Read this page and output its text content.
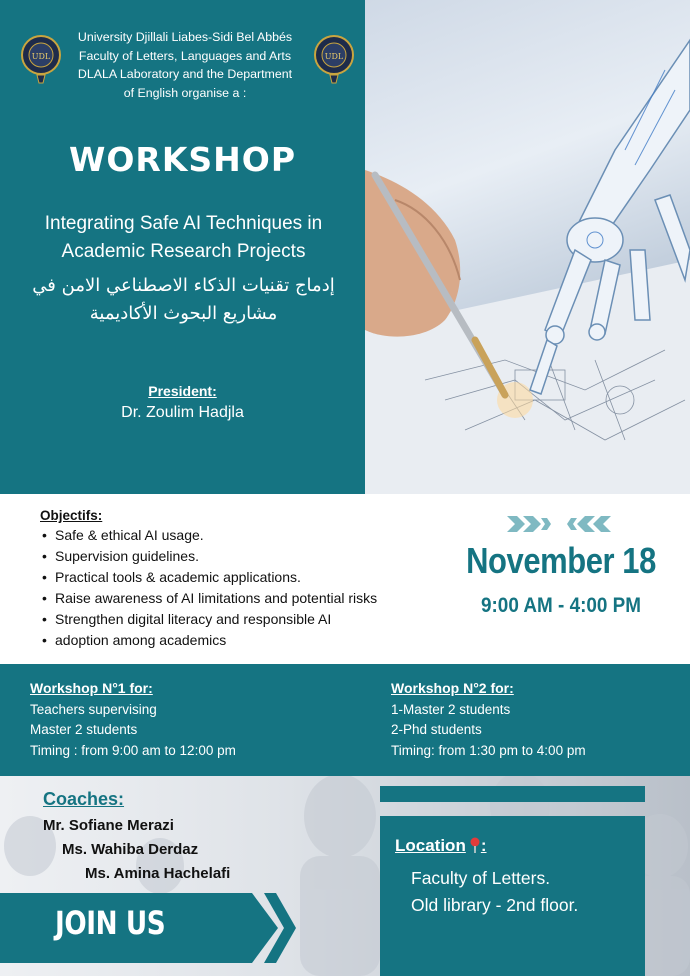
UDL
University Djillali Liabes-Sidi Bel Abbés
Faculty of Letters, Languages and Arts
DLALA Laboratory and the Department
of English organise a :
UDL
WORKSHOP
Integrating Safe AI Techniques in
Academic Research Projects
إدماج تقنيات الذكاء الاصطناعي الامن في
مشاريع البحوث الأكاديمية
President:
Dr. Zoulim Hadjla
Objectifs:
• Safe & ethical AI usage.
• Supervision guidelines.
• Practical tools & academic applications.
• Raise awareness of AI limitations and potential risks
• Strengthen digital literacy and responsible AI
• adoption among academics
November 18
9:00 AM - 4:00 PM
Workshop N°1 for:
Teachers supervising
Master 2 students
Timing : from 9:00 am to 12:00 pm
Workshop N°2 for:
1-Master 2 students
2-Phd students
Timing: from 1:30 pm to 4:00 pm
Coaches:
Mr. Sofiane Merazi
Ms. Wahiba Derdaz
Ms. Amina Hachelafi
JOIN US
Location :
Faculty of Letters.
Old library - 2nd floor.
